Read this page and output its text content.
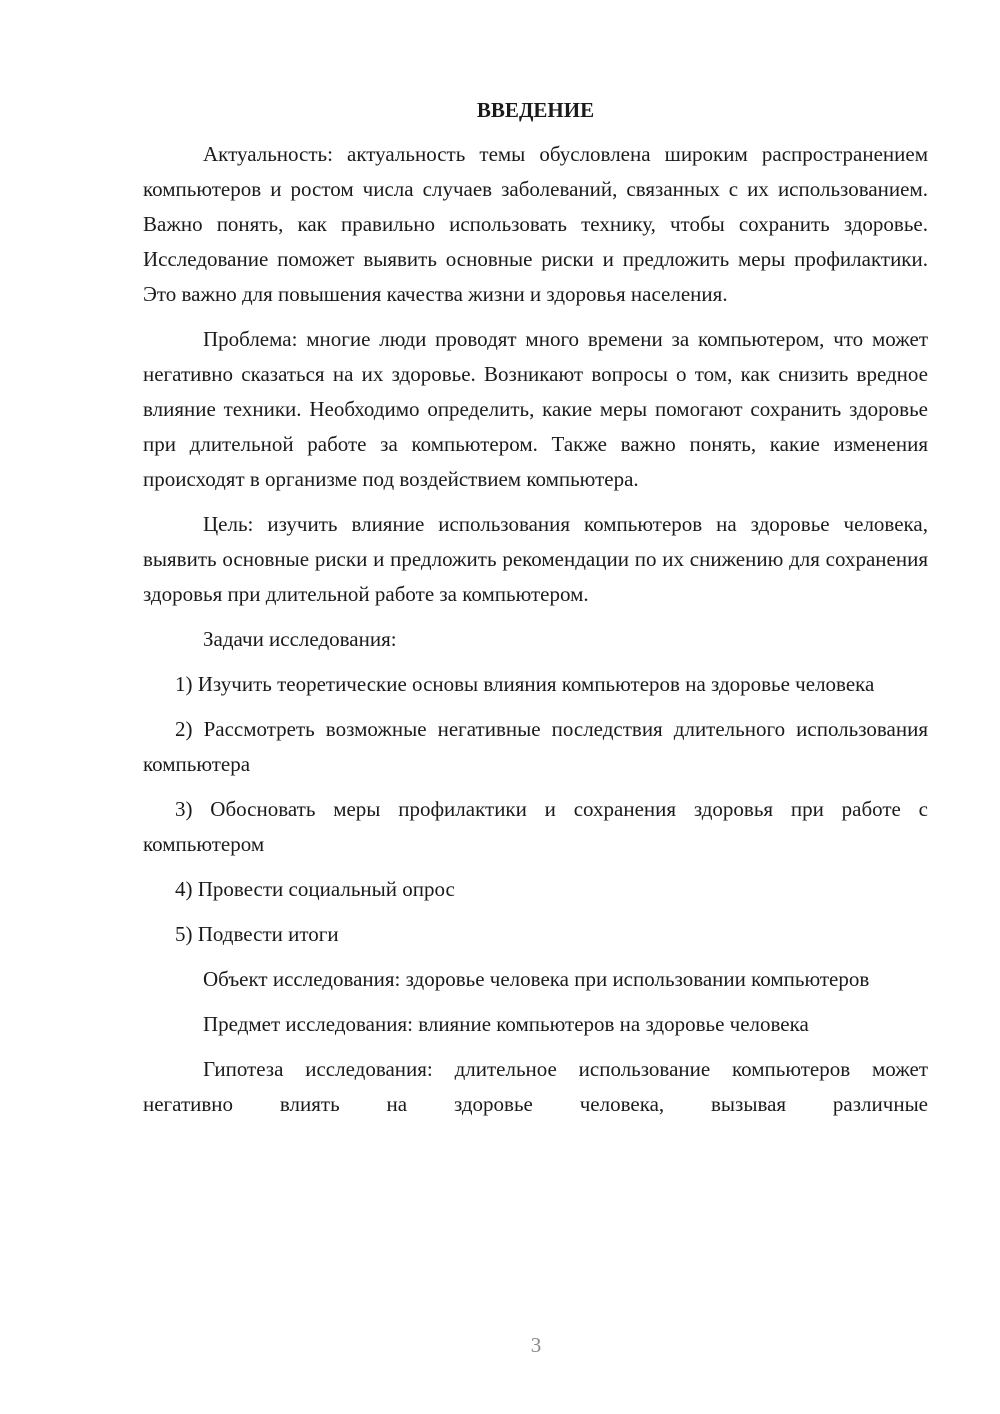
ВВЕДЕНИЕ

Актуальность: актуальность темы обусловлена широким распространением компьютеров и ростом числа случаев заболеваний, связанных с их использованием. Важно понять, как правильно использовать технику, чтобы сохранить здоровье. Исследование поможет выявить основные риски и предложить меры профилактики. Это важно для повышения качества жизни и здоровья населения.

Проблема: многие люди проводят много времени за компьютером, что может негативно сказаться на их здоровье. Возникают вопросы о том, как снизить вредное влияние техники. Необходимо определить, какие меры помогают сохранить здоровье при длительной работе за компьютером. Также важно понять, какие изменения происходят в организме под воздействием компьютера.

Цель: изучить влияние использования компьютеров на здоровье человека, выявить основные риски и предложить рекомендации по их снижению для сохранения здоровья при длительной работе за компьютером.

Задачи исследования:

1) Изучить теоретические основы влияния компьютеров на здоровье человека

2) Рассмотреть возможные негативные последствия длительного использования компьютера

3) Обосновать меры профилактики и сохранения здоровья при работе с компьютером

4) Провести социальный опрос

5) Подвести итоги

Объект исследования: здоровье человека при использовании компьютеров

Предмет исследования: влияние компьютеров на здоровье человека

Гипотеза исследования: длительное использование компьютеров может негативно влиять на здоровье человека, вызывая различные

3
